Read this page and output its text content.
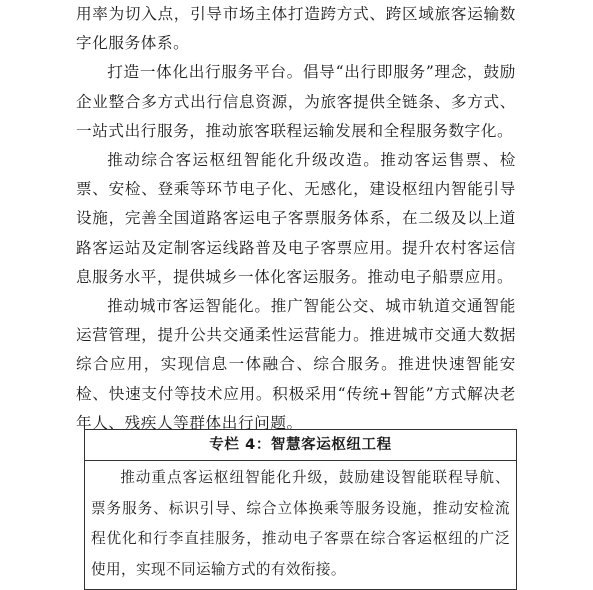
用率为切入点，引导市场主体打造跨方式、跨区域旅客运输数字化服务体系。

打造一体化出行服务平台。倡导“出行即服务”理念，鼓励企业整合多方式出行信息资源，为旅客提供全链条、多方式、一站式出行服务，推动旅客联程运输发展和全程服务数字化。

推动综合客运枢纽智能化升级改造。推动客运售票、检票、安检、登乘等环节电子化、无感化，建设枢纽内智能引导设施，完善全国道路客运电子客票服务体系，在二级及以上道路客运站及定制客运线路普及电子客票应用。提升农村客运信息服务水平，提供城乡一体化客运服务。推动电子船票应用。

推动城市客运智能化。推广智能公交、城市轨道交通智能运营管理，提升公共交通柔性运营能力。推进城市交通大数据综合应用，实现信息一体融合、综合服务。推进快速智能安检、快速支付等技术应用。积极采用“传统+智能”方式解决老年人、残疾人等群体出行问题。

专栏 4：智慧客运枢纽工程

推动重点客运枢纽智能化升级，鼓励建设智能联程导航、票务服务、标识引导、综合立体换乘等服务设施，推动安检流程优化和行李直挂服务，推动电子客票在综合客运枢纽的广泛使用，实现不同运输方式的有效衔接。
